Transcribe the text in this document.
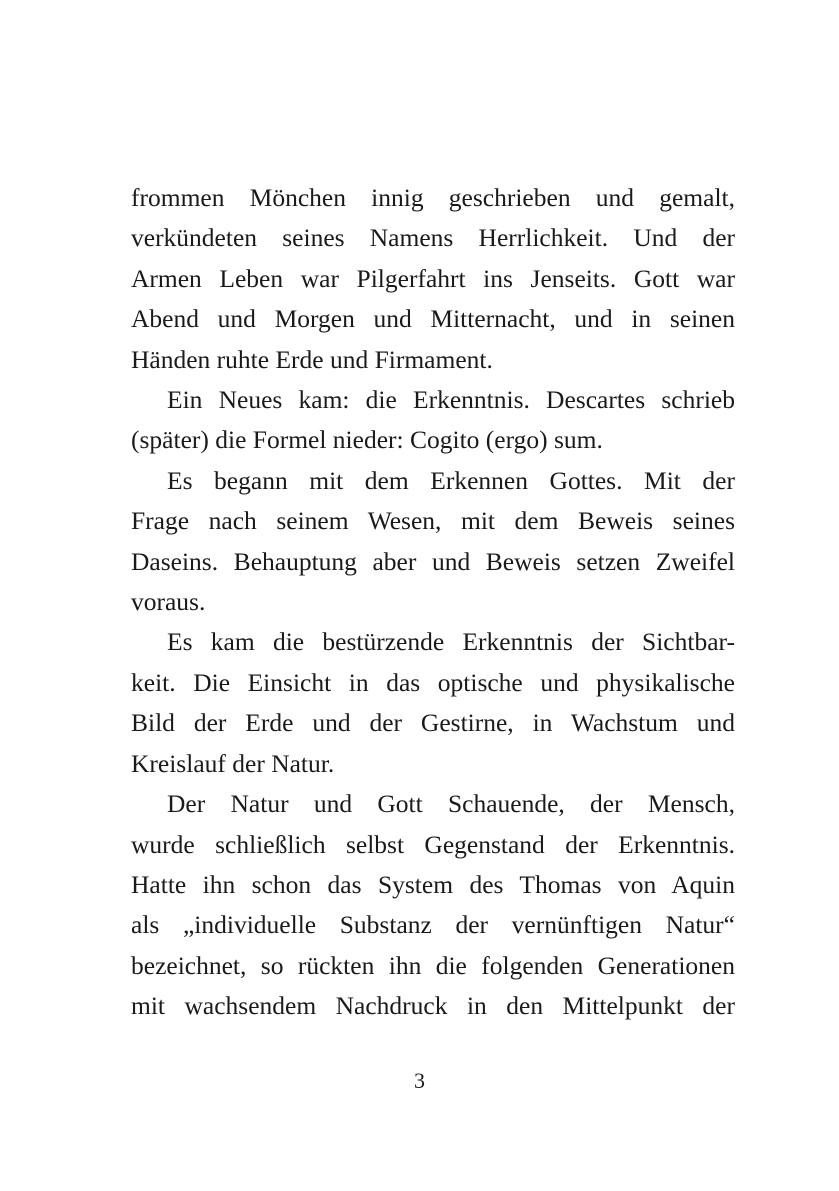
frommen Mönchen innig geschrieben und gemalt,
verkündeten seines Namens Herrlichkeit. Und der
Armen Leben war Pilgerfahrt ins Jenseits. Gott war
Abend und Morgen und Mitternacht, und in seinen
Händen ruhte Erde und Firmament.

Ein Neues kam: die Erkenntnis. Descartes schrieb
(später) die Formel nieder: Cogito (ergo) sum.

Es begann mit dem Erkennen Gottes. Mit der
Frage nach seinem Wesen, mit dem Beweis seines
Daseins. Behauptung aber und Beweis setzen Zweifel
voraus.

Es kam die bestürzende Erkenntnis der Sichtbar-
keit. Die Einsicht in das optische und physikalische
Bild der Erde und der Gestirne, in Wachstum und
Kreislauf der Natur.

Der Natur und Gott Schauende, der Mensch,
wurde schließlich selbst Gegenstand der Erkenntnis.
Hatte ihn schon das System des Thomas von Aquin
als „individuelle Substanz der vernünftigen Natur“
bezeichnet, so rückten ihn die folgenden Generationen
mit wachsendem Nachdruck in den Mittelpunkt der

3
